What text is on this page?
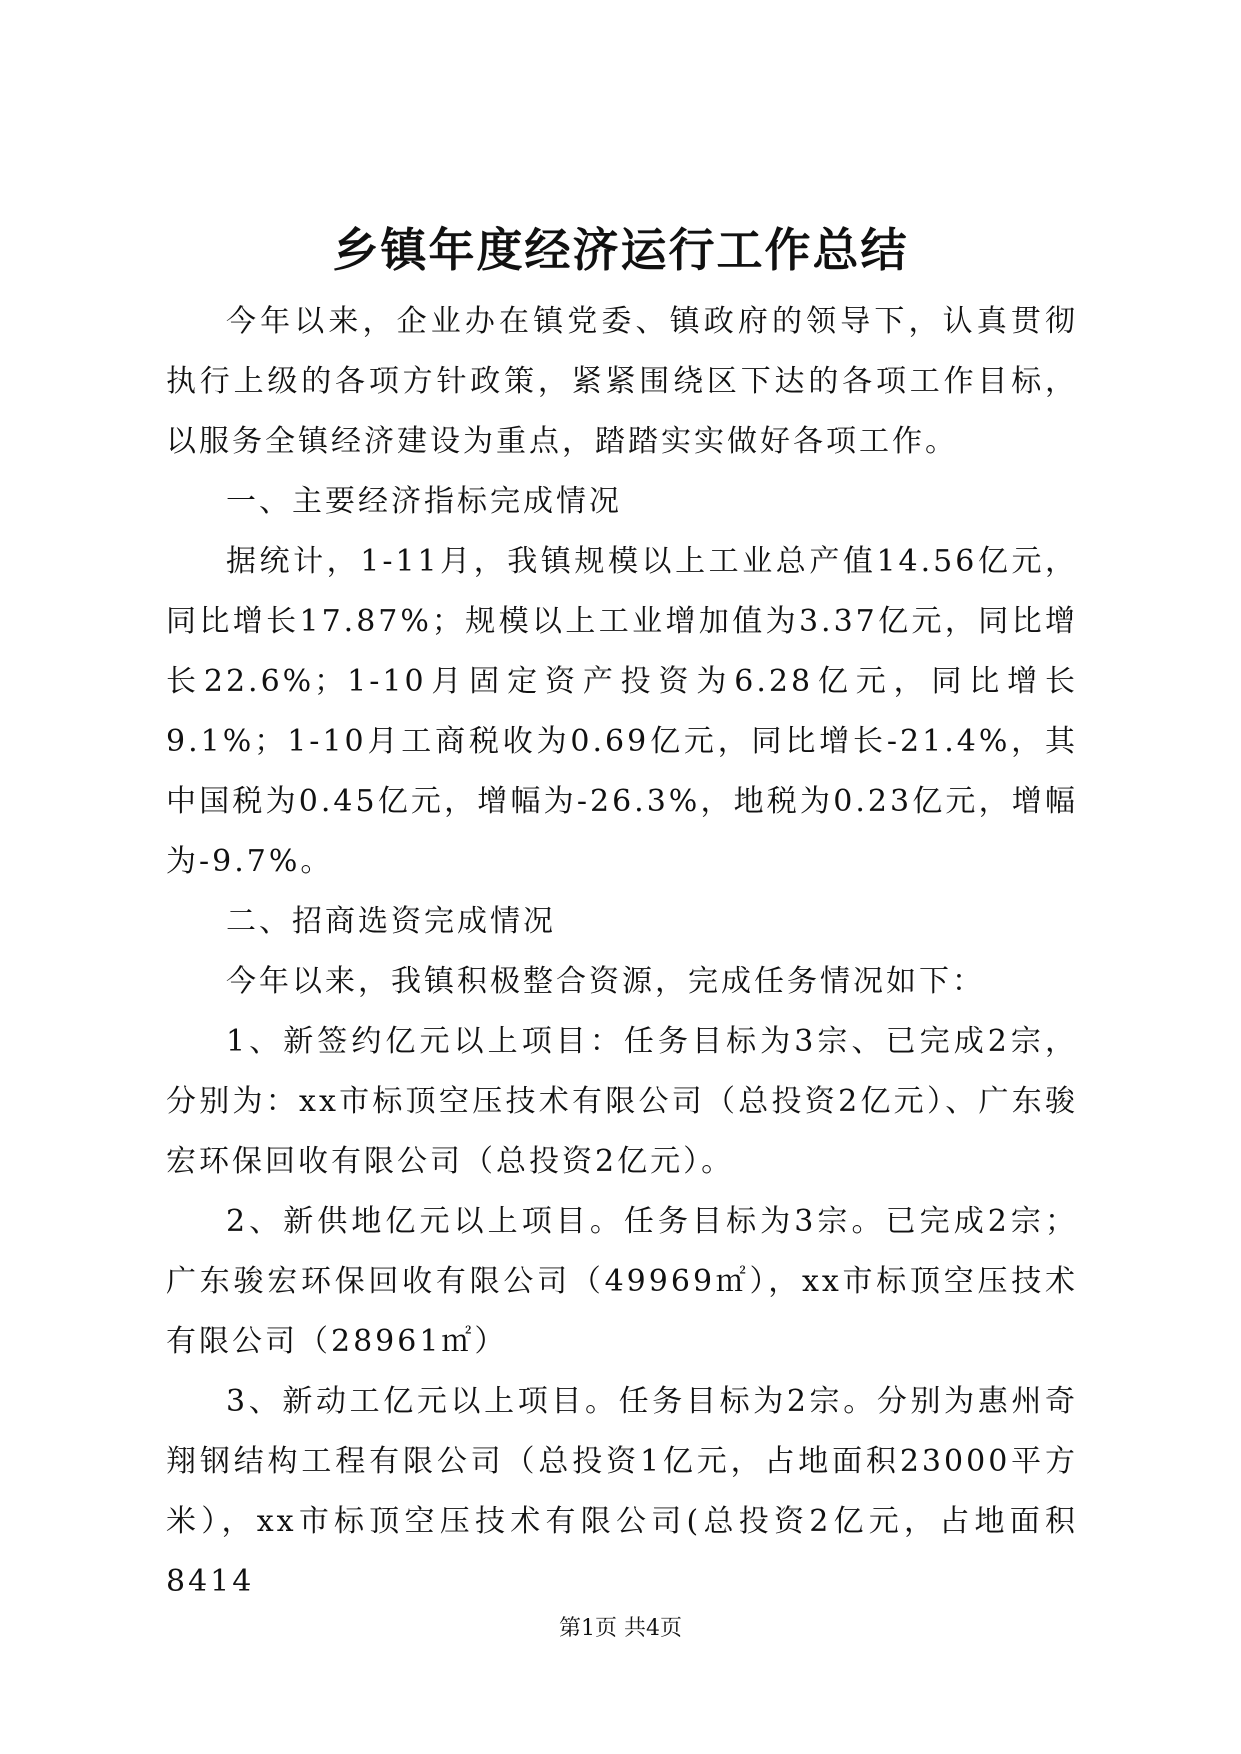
乡镇年度经济运行工作总结

今年以来，企业办在镇党委、镇政府的领导下，认真贯彻执行上级的各项方针政策，紧紧围绕区下达的各项工作目标，以服务全镇经济建设为重点，踏踏实实做好各项工作。

一、主要经济指标完成情况

据统计，1-11月，我镇规模以上工业总产值14.56亿元，同比增长17.87%；规模以上工业增加值为3.37亿元，同比增长22.6%；1-10月固定资产投资为6.28亿元，同比增长9.1%；1-10月工商税收为0.69亿元，同比增长-21.4%，其中国税为0.45亿元，增幅为-26.3%，地税为0.23亿元，增幅为-9.7%。

二、招商选资完成情况

今年以来，我镇积极整合资源，完成任务情况如下：

1、新签约亿元以上项目：任务目标为3宗、已完成2宗，分别为：xx市标顶空压技术有限公司（总投资2亿元）、广东骏宏环保回收有限公司（总投资2亿元）。

2、新供地亿元以上项目。任务目标为3宗。已完成2宗；广东骏宏环保回收有限公司（49969㎡），xx市标顶空压技术有限公司（28961㎡）

3、新动工亿元以上项目。任务目标为2宗。分别为惠州奇翔钢结构工程有限公司（总投资1亿元，占地面积23000平方米），xx市标顶空压技术有限公司(总投资2亿元，占地面积8414

第1页 共4页
